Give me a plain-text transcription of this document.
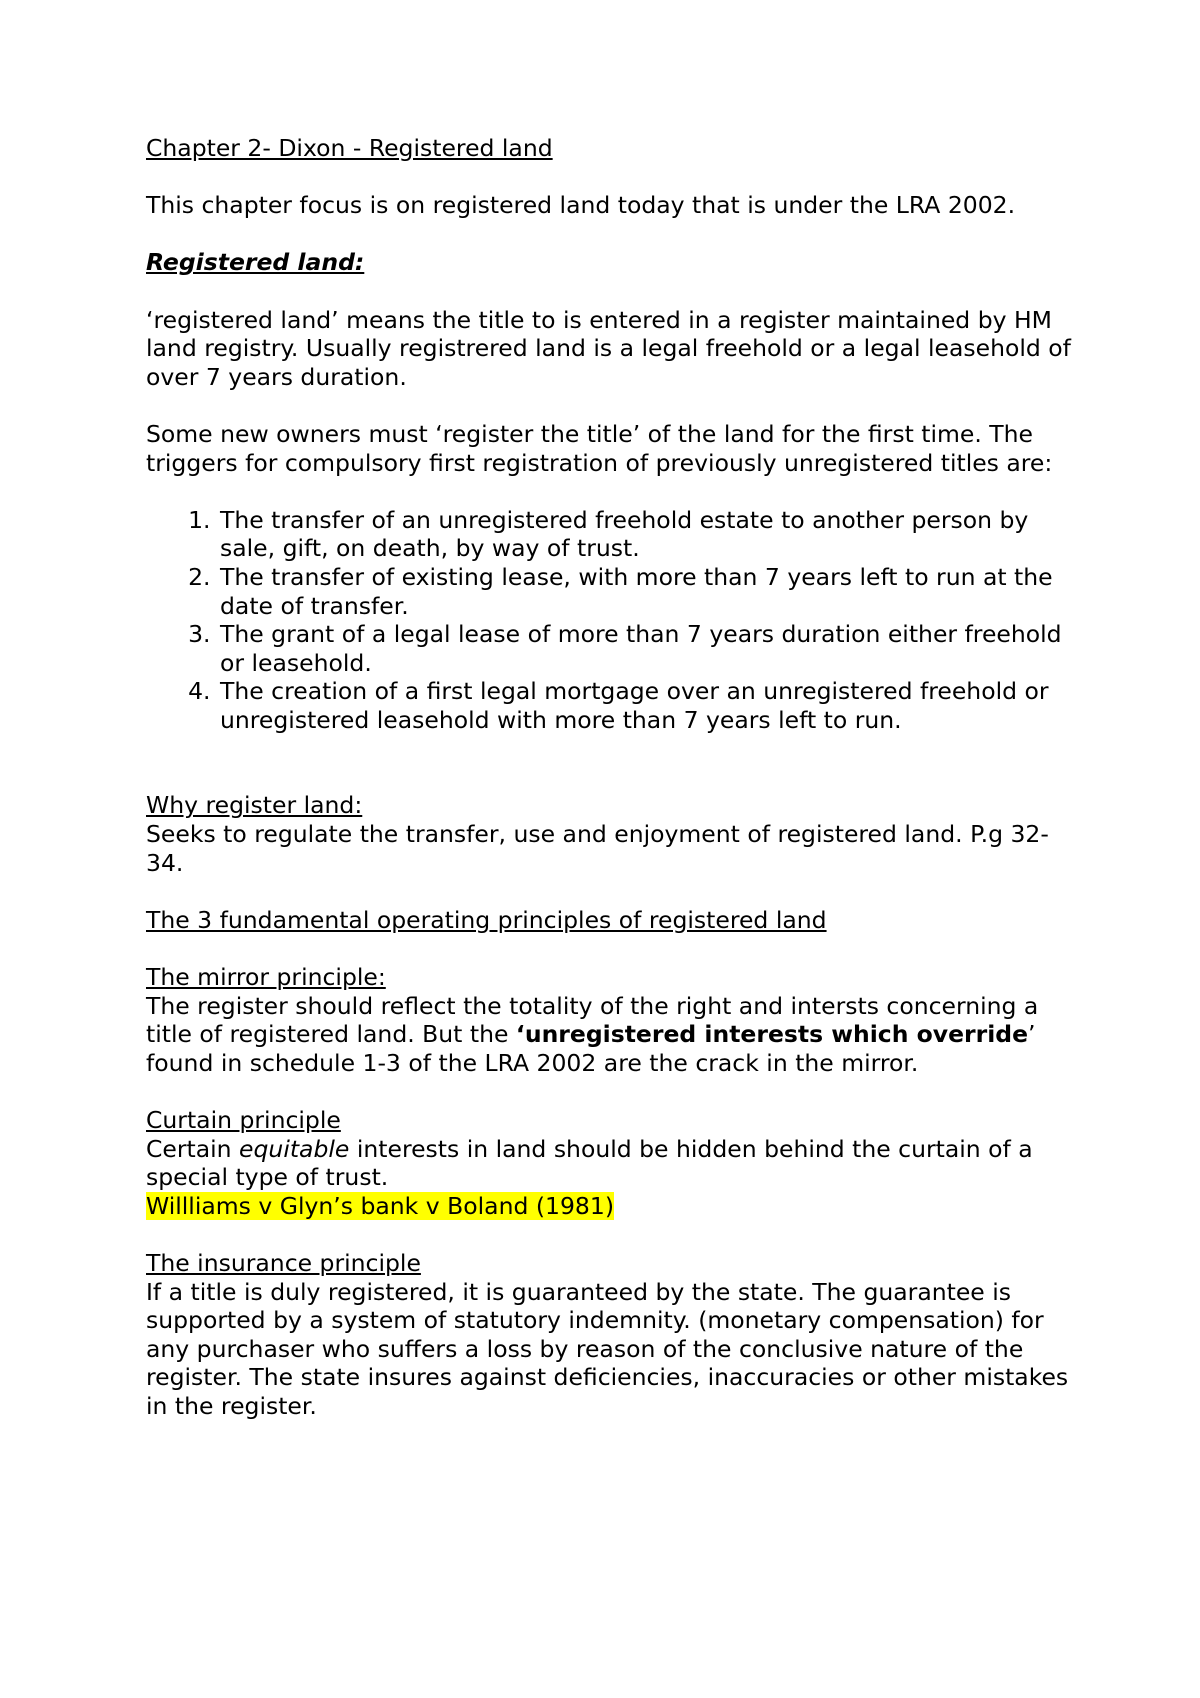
Chapter 2- Dixon - Registered land

This chapter focus is on registered land today that is under the LRA 2002.

Registered land:

‘registered land’ means the title to is entered in a register maintained by HM land registry. Usually registrered land is a legal freehold or a legal leasehold of over 7 years duration.

Some new owners must ‘register the title’ of the land for the first time. The triggers for compulsory first registration of previously unregistered titles are:

1. The transfer of an unregistered freehold estate to another person by sale, gift, on death, by way of trust.
2. The transfer of existing lease, with more than 7 years left to run at the date of transfer.
3. The grant of a legal lease of more than 7 years duration either freehold or leasehold.
4. The creation of a first legal mortgage over an unregistered freehold or unregistered leasehold with more than 7 years left to run.

Why register land:

Seeks to regulate the transfer, use and enjoyment of registered land. P.g 32- 34.

The 3 fundamental operating principles of registered land

The mirror principle:

The register should reflect the totality of the right and intersts concerning a title of registered land. But the ‘unregistered interests which override’ found in schedule 1-3 of the LRA 2002 are the crack in the mirror.

Curtain principle

Certain equitable interests in land should be hidden behind the curtain of a special type of trust.

Willliams v Glyn’s bank v Boland (1981)

The insurance principle

If a title is duly registered, it is guaranteed by the state. The guarantee is supported by a system of statutory indemnity. (monetary compensation) for any purchaser who suffers a loss by reason of the conclusive nature of the register. The state insures against deficiencies, inaccuracies or other mistakes in the register.
